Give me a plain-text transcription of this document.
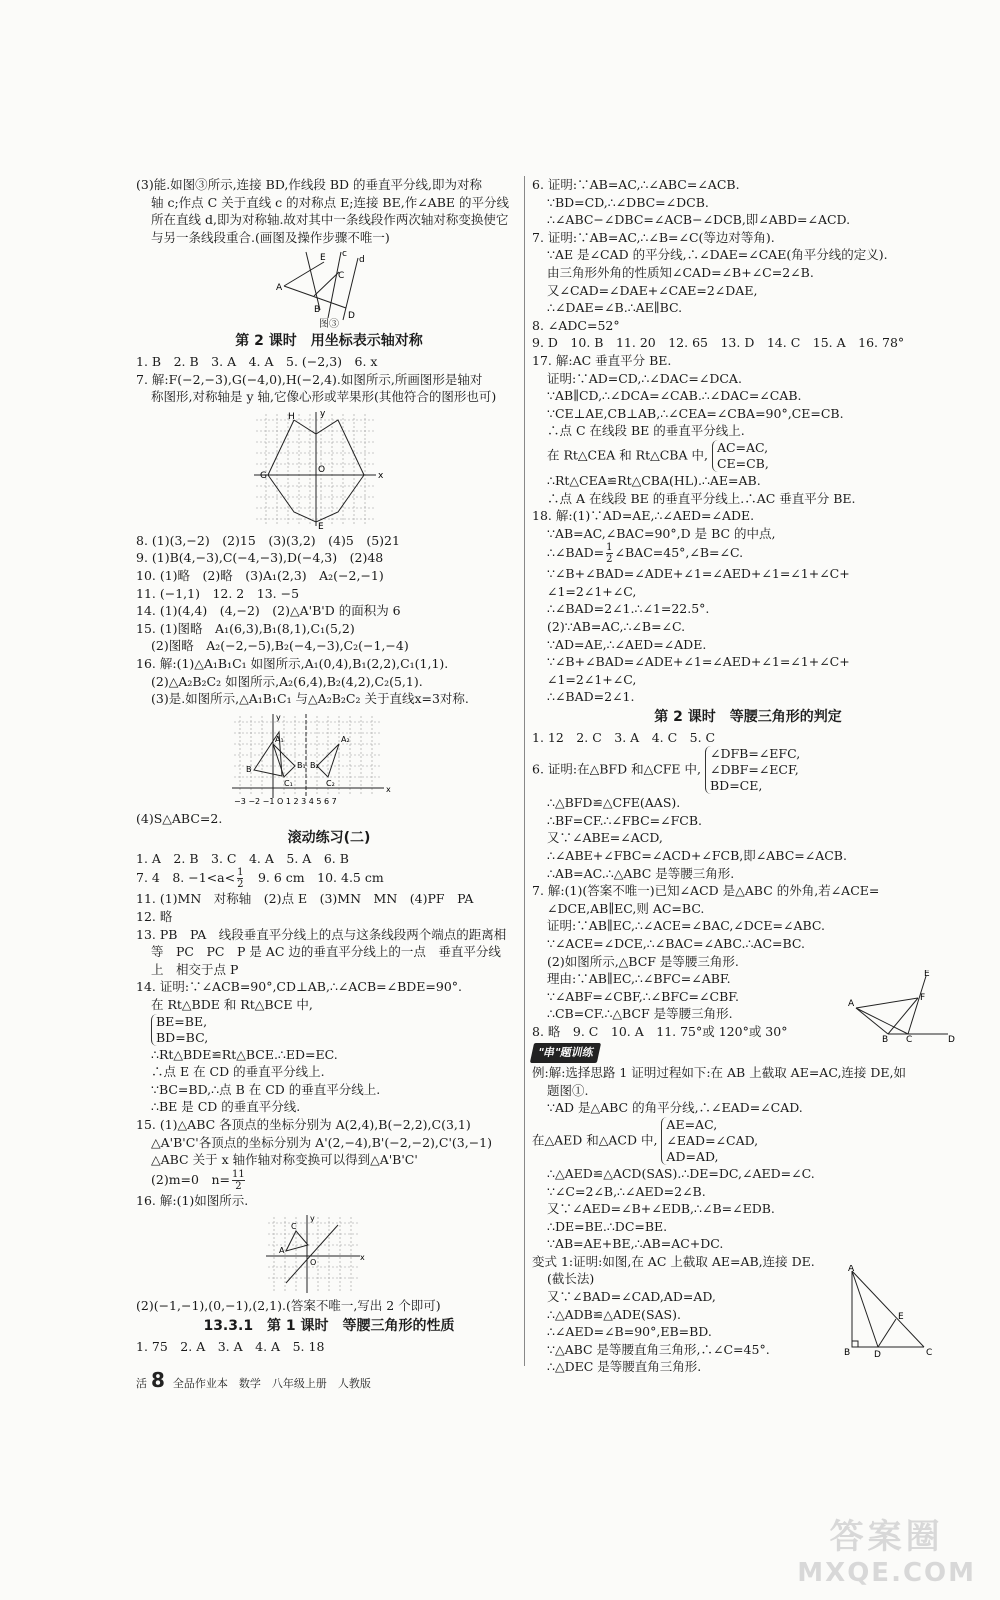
(3)能.如图③所示,连接 BD,作线段 BD 的垂直平分线,即为对称
轴 c;作点 C 关于直线 c 的对称点 E;连接 BE,作∠ABE 的平分线
所在直线 d,即为对称轴.故对其中一条线段作两次轴对称变换使它
与另一条线段重合.(画图及操作步骤不唯一)
A
B
E
C
D
c
d
图③
第 2 课时　用坐标表示轴对称
1. B　2. B　3. A　4. A　5. (−2,3)　6. x
7. 解:F(−2,−3),G(−4,0),H(−2,4).如图所示,所画图形是轴对
称图形,对称轴是 y 轴,它像心形或苹果形(其他符合的图形也可)
H
O
G	x
y
E
8. (1)(3,−2)　(2)15　(3)(3,2)　(4)5　(5)21
9. (1)B(4,−3),C(−4,−3),D(−4,3)　(2)48
10. (1)略　(2)略　(3)A₁(2,3)　A₂(−2,−1)
11. (−1,1)　12. 2　13. −5
14. (1)(4,4)　(4,−2)　(2)△A'B'D 的面积为 6
15. (1)图略　A₁(6,3),B₁(8,1),C₁(5,2)
(2)图略　A₂(−2,−5),B₂(−4,−3),C₂(−1,−4)
16. 解:(1)△A₁B₁C₁ 如图所示,A₁(0,4),B₁(2,2),C₁(1,1).
(2)△A₂B₂C₂ 如图所示,A₂(6,4),B₂(4,2),C₂(5,1).
(3)是.如图所示,△A₁B₁C₁ 与△A₂B₂C₂ 关于直线x=3对称.
A₁	A₂
B₁ B₂
B
C₁	C₂
y
x
−3 −2 −1 O 1 2 3 4 5 6 7
(4)S△ABC=2.
滚动练习(二)
1. A　2. B　3. C　4. A　5. A　6. B
7. 4　8. $-1<a< \frac{1}{2}$ 　9. 6 cm　10. 4.5 cm
11. (1)MN　对称轴　(2)点 E　(3)MN　MN　(4)PF　PA
12. 略
13. PB　PA　线段垂直平分线上的点与这条线段两个端点的距离相
等　PC　PC　P 是 AC 边的垂直平分线上的一点　垂直平分线
上　相交于点 P
14. 证明:∵∠ACB=90°,CD⊥AB,∴∠ACB=∠BDE=90°.
在 Rt△BDE 和 Rt△BCE 中,
BE=BE,
BD=BC,
∴Rt△BDE≌Rt△BCE.∴ED=EC.
∴点 E 在 CD 的垂直平分线上.
∵BC=BD,∴点 B 在 CD 的垂直平分线上.
∴BE 是 CD 的垂直平分线.
15. (1)△ABC 各顶点的坐标分别为 A(2,4),B(−2,2),C(3,1)
△A'B'C'各顶点的坐标分别为 A'(2,−4),B'(−2,−2),C'(3,−1)
△ABC 关于 x 轴作轴对称变换可以得到△A'B'C'
(2)m=0　$n= \frac{11}{2}$
16. 解:(1)如图所示.
C
A
y
x
O
(2)(−1,−1),(0,−1),(2,1).(答案不唯一,写出 2 个即可)
13.3.1　第 1 课时　等腰三角形的性质
1. 75　2. A　3. A　4. A　5. 18
6. 证明:∵AB=AC,∴∠ABC=∠ACB.
∵BD=CD,∴∠DBC=∠DCB.
∴∠ABC−∠DBC=∠ACB−∠DCB,即∠ABD=∠ACD.
7. 证明:∵AB=AC,∴∠B=∠C(等边对等角).
∵AE 是∠CAD 的平分线,∴∠DAE=∠CAE(角平分线的定义).
由三角形外角的性质知∠CAD=∠B+∠C=2∠B.
又∠CAD=∠DAE+∠CAE=2∠DAE,
∴∠DAE=∠B.∴AE∥BC.
8. ∠ADC=52°
9. D　10. B　11. 20　12. 65　13. D　14. C　15. A　16. 78°
17. 解:AC 垂直平分 BE.
证明:∵AD=CD,∴∠DAC=∠DCA.
∵AB∥CD,∴∠DCA=∠CAB.∴∠DAC=∠CAB.
∵CE⊥AE,CB⊥AB,∴∠CEA=∠CBA=90°,CE=CB.
∴点 C 在线段 BE 的垂直平分线上.
在 Rt△CEA 和 Rt△CBA 中, AC=AC,
CE=CB,
∴Rt△CEA≌Rt△CBA(HL).∴AE=AB.
∴点 A 在线段 BE 的垂直平分线上.∴AC 垂直平分 BE.
18. 解:(1)∵AD=AE,∴∠AED=∠ADE.
∵AB=AC,∠BAC=90°,D 是 BC 的中点,
∴∠BAD= $\frac{1}{2}$ ∠BAC=45°,∠B=∠C.
∵∠B+∠BAD=∠ADE+∠1=∠AED+∠1=∠1+∠C+
∠1=2∠1+∠C,
∴∠BAD=2∠1.∴∠1=22.5°.
(2)∵AB=AC,∴∠B=∠C.
∵AD=AE,∴∠AED=∠ADE.
∵∠B+∠BAD=∠ADE+∠1=∠AED+∠1=∠1+∠C+
∠1=2∠1+∠C,
∴∠BAD=2∠1.
第 2 课时　等腰三角形的判定
1. 12　2. C　3. A　4. C　5. C
6. 证明:在△BFD 和△CFE 中,
∠DFB=∠EFC,
∠DBF=∠ECF,
BD=CE,
∴△BFD≌△CFE(AAS).
∴BF=CF.∴∠FBC=∠FCB.
又∵∠ABE=∠ACD,
∴∠ABE+∠FBC=∠ACD+∠FCB,即∠ABC=∠ACB.
∴AB=AC.∴△ABC 是等腰三角形.
7. 解:(1)(答案不唯一)已知∠ACD 是△ABC 的外角,若∠ACE=
∠DCE,AB∥EC,则 AC=BC.
证明:∵AB∥EC,∴∠ACE=∠BAC,∠DCE=∠ABC.
∵∠ACE=∠DCE,∴∠BAC=∠ABC.∴AC=BC.
(2)如图所示,△BCF 是等腰三角形.
理由:∵AB∥EC,∴∠BFC=∠ABF.
∵∠ABF=∠CBF,∴∠BFC=∠CBF.
∴CB=CF.∴△BCF 是等腰三角形.
8. 略　9. C　10. A　11. 75°或 120°或 30°
A
B C	D
E
F
"串"题训练
例:解:选择思路 1 证明过程如下:在 AB 上截取 AE=AC,连接 DE,如
题图①.
∵AD 是△ABC 的角平分线,∴∠EAD=∠CAD.
在△AED 和△ACD 中,
AE=AC,
∠EAD=∠CAD,
AD=AD,
∴△AED≌△ACD(SAS).∴DE=DC,∠AED=∠C.
∵∠C=2∠B,∴∠AED=2∠B.
又∵∠AED=∠B+∠EDB,∴∠B=∠EDB.
∴DE=BE.∴DC=BE.
∵AB=AE+BE,∴AB=AC+DC.
变式 1:证明:如图,在 AC 上截取 AE=AB,连接 DE.
(截长法)
又∵∠BAD=∠CAD,AD=AD,
∴△ADB≌△ADE(SAS).
∴∠AED=∠B=90°,EB=BD.
∵△ABC 是等腰直角三角形,∴∠C=45°.
∴△DEC 是等腰直角三角形.
A
B	D	C
E
活 8 全品作业本　数学　八年级上册　人教版
答案圈
MXQE.COM
